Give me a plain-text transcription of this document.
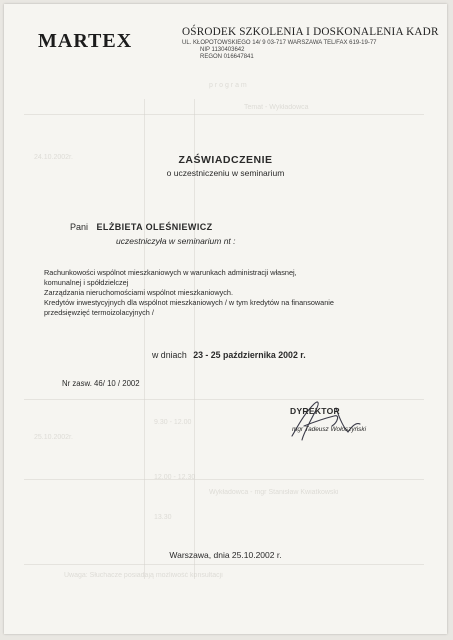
p r o g r a m
Temat - Wykładowca
24.10.2002r.
25.10.2002r.
9.30 - 12.00
12.00 - 12.30
13.30
Wykładowca - mgr Stanisław Kwiatkowski
Uwaga: Słuchacze posiadają możliwość konsultacji
MARTEX	OŚRODEK SZKOLENIA I DOSKONALENIA KADR
UL. KŁOPOTOWSKIEGO 14/ 9 03-717 WARSZAWA TEL/FAX 619-19-77
NIP 1130403642
REGON 016647841
ZAŚWIADCZENIE
o uczestniczeniu w seminarium
Pani ELŻBIETA OLEŚNIEWICZ
uczestniczyła w seminarium nt :
Rachunkowości wspólnot mieszkaniowych w warunkach administracji własnej,
komunalnej i spółdzielczej
Zarządzania nieruchomościami wspólnot mieszkaniowych.
Kredytów inwestycyjnych dla wspólnot mieszkaniowych / w tym kredytów na finansowanie
przedsięwzięć termoizolacyjnych /
w dniach 23 - 25 października 2002 r.
Nr zasw. 46/ 10 / 2002
DYREKTOR
mgr Tadeusz Wołoszyński
Warszawa, dnia 25.10.2002 r.
